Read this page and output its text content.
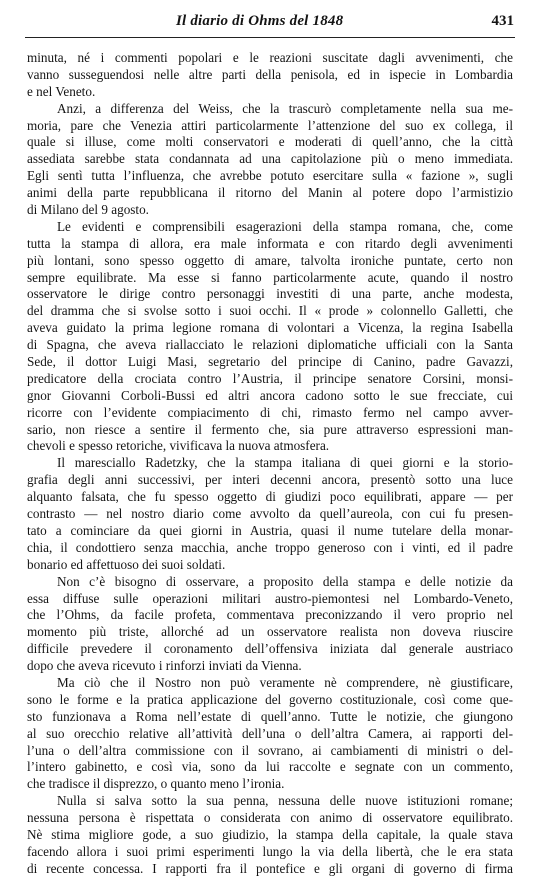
Il diario di Ohms del 1848	431
minuta, né i commenti popolari e le reazioni suscitate dagli avvenimenti, che
vanno susseguendosi nelle altre parti della penisola, ed in ispecie in Lombardia
e nel Veneto.
Anzi, a differenza del Weiss, che la trascurò completamente nella sua me-
moria, pare che Venezia attiri particolarmente l’attenzione del suo ex collega, il
quale si illuse, come molti conservatori e moderati di quell’anno, che la città
assediata sarebbe stata condannata ad una capitolazione più o meno immediata.
Egli sentì tutta l’influenza, che avrebbe potuto esercitare sulla « fazione », sugli
animi della parte repubblicana il ritorno del Manin al potere dopo l’armistizio
di Milano del 9 agosto.
Le evidenti e comprensibili esagerazioni della stampa romana, che, come
tutta la stampa di allora, era male informata e con ritardo degli avvenimenti
più lontani, sono spesso oggetto di amare, talvolta ironiche puntate, certo non
sempre equilibrate. Ma esse si fanno particolarmente acute, quando il nostro
osservatore le dirige contro personaggi investiti di una parte, anche modesta,
del dramma che si svolse sotto i suoi occhi. Il « prode » colonnello Galletti, che
aveva guidato la prima legione romana di volontari a Vicenza, la regina Isabella
di Spagna, che aveva riallacciato le relazioni diplomatiche ufficiali con la Santa
Sede, il dottor Luigi Masi, segretario del principe di Canino, padre Gavazzi,
predicatore della crociata contro l’Austria, il principe senatore Corsini, monsi-
gnor Giovanni Corboli-Bussi ed altri ancora cadono sotto le sue frecciate, cui
ricorre con l’evidente compiacimento di chi, rimasto fermo nel campo avver-
sario, non riesce a sentire il fermento che, sia pure attraverso espressioni man-
chevoli e spesso retoriche, vivificava la nuova atmosfera.
Il maresciallo Radetzky, che la stampa italiana di quei giorni e la storio-
grafia degli anni successivi, per interi decenni ancora, presentò sotto una luce
alquanto falsata, che fu spesso oggetto di giudizi poco equilibrati, appare — per
contrasto — nel nostro diario come avvolto da quell’aureola, con cui fu presen-
tato a cominciare da quei giorni in Austria, quasi il nume tutelare della monar-
chia, il condottiero senza macchia, anche troppo generoso con i vinti, ed il padre
bonario ed affettuoso dei suoi soldati.
Non c’è bisogno di osservare, a proposito della stampa e delle notizie da
essa diffuse sulle operazioni militari austro-piemontesi nel Lombardo-Veneto,
che l’Ohms, da facile profeta, commentava preconizzando il vero proprio nel
momento più triste, allorché ad un osservatore realista non doveva riuscire
difficile prevedere il coronamento dell’offensiva iniziata dal generale austriaco
dopo che aveva ricevuto i rinforzi inviati da Vienna.
Ma ciò che il Nostro non può veramente nè comprendere, nè giustificare,
sono le forme e la pratica applicazione del governo costituzionale, così come que-
sto funzionava a Roma nell’estate di quell’anno. Tutte le notizie, che giungono
al suo orecchio relative all’attività dell’una o dell’altra Camera, ai rapporti del-
l’una o dell’altra commissione con il sovrano, ai cambiamenti di ministri o del-
l’intero gabinetto, e così via, sono da lui raccolte e segnate con un commento,
che tradisce il disprezzo, o quanto meno l’ironia.
Nulla si salva sotto la sua penna, nessuna delle nuove istituzioni romane;
nessuna persona è rispettata o considerata con animo di osservatore equilibrato.
Nè stima migliore gode, a suo giudizio, la stampa della capitale, la quale stava
facendo allora i suoi primi esperimenti lungo la via della libertà, che le era stata
di recente concessa. I rapporti fra il pontefice e gli organi di governo di firma
